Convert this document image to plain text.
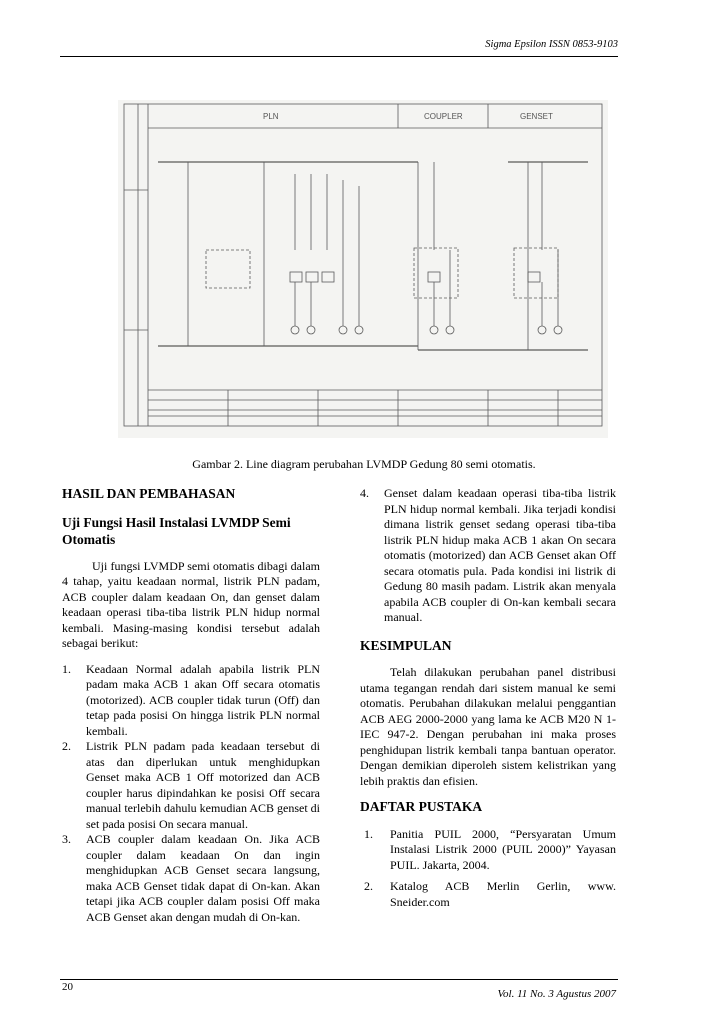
Sigma Epsilon ISSN 0853-9103
PLN	COUPLER	GENSET
Gambar 2. Line diagram perubahan LVMDP Gedung 80 semi otomatis.
HASIL DAN PEMBAHASAN
Uji Fungsi Hasil Instalasi LVMDP Semi Otomatis

Uji fungsi LVMDP semi otomatis dibagi dalam 4 tahap, yaitu keadaan normal, listrik PLN padam, ACB coupler dalam keadaan On, dan genset dalam keadaan operasi tiba-tiba listrik PLN hidup normal kembali. Masing-masing kondisi tersebut adalah sebagai berikut:

1. Keadaan Normal adalah apabila listrik PLN padam maka ACB 1 akan Off secara otomatis (motorized). ACB coupler tidak turun (Off) dan tetap pada posisi On hingga listrik PLN normal kembali.
2. Listrik PLN padam pada keadaan tersebut di atas dan diperlukan untuk menghidupkan Genset maka ACB 1 Off motorized dan ACB coupler harus dipindahkan ke posisi Off secara manual terlebih dahulu kemudian ACB genset di set pada posisi On secara manual.
3. ACB coupler dalam keadaan On. Jika ACB coupler dalam keadaan On dan ingin menghidupkan ACB Genset secara langsung, maka ACB Genset tidak dapat di On-kan. Akan tetapi jika ACB coupler dalam posisi Off maka ACB Genset akan dengan mudah di On-kan.
4. Genset dalam keadaan operasi tiba-tiba listrik PLN hidup normal kembali. Jika terjadi kondisi dimana listrik genset sedang operasi tiba-tiba listrik PLN hidup maka ACB 1 akan On secara otomatis (motorized) dan ACB Genset akan Off secara otomatis pula. Pada kondisi ini listrik di Gedung 80 masih padam. Listrik akan menyala apabila ACB coupler di On-kan kembali secara manual.
KESIMPULAN

Telah dilakukan perubahan panel distribusi utama tegangan rendah dari sistem manual ke semi otomatis. Perubahan dilakukan melalui penggantian ACB AEG 2000-2000 yang lama ke ACB M20 N 1-IEC 947-2. Dengan perubahan ini maka proses penghidupan listrik kembali tanpa bantuan operator. Dengan demikian diperoleh sistem kelistrikan yang lebih praktis dan efisien.

DAFTAR PUSTAKA
1. Panitia PUIL 2000, “Persyaratan Umum Instalasi Listrik 2000 (PUIL 2000)” Yayasan PUIL. Jakarta, 2004.
2. Katalog ACB Merlin Gerlin, www. Sneider.com
20
Vol. 11 No. 3 Agustus 2007
